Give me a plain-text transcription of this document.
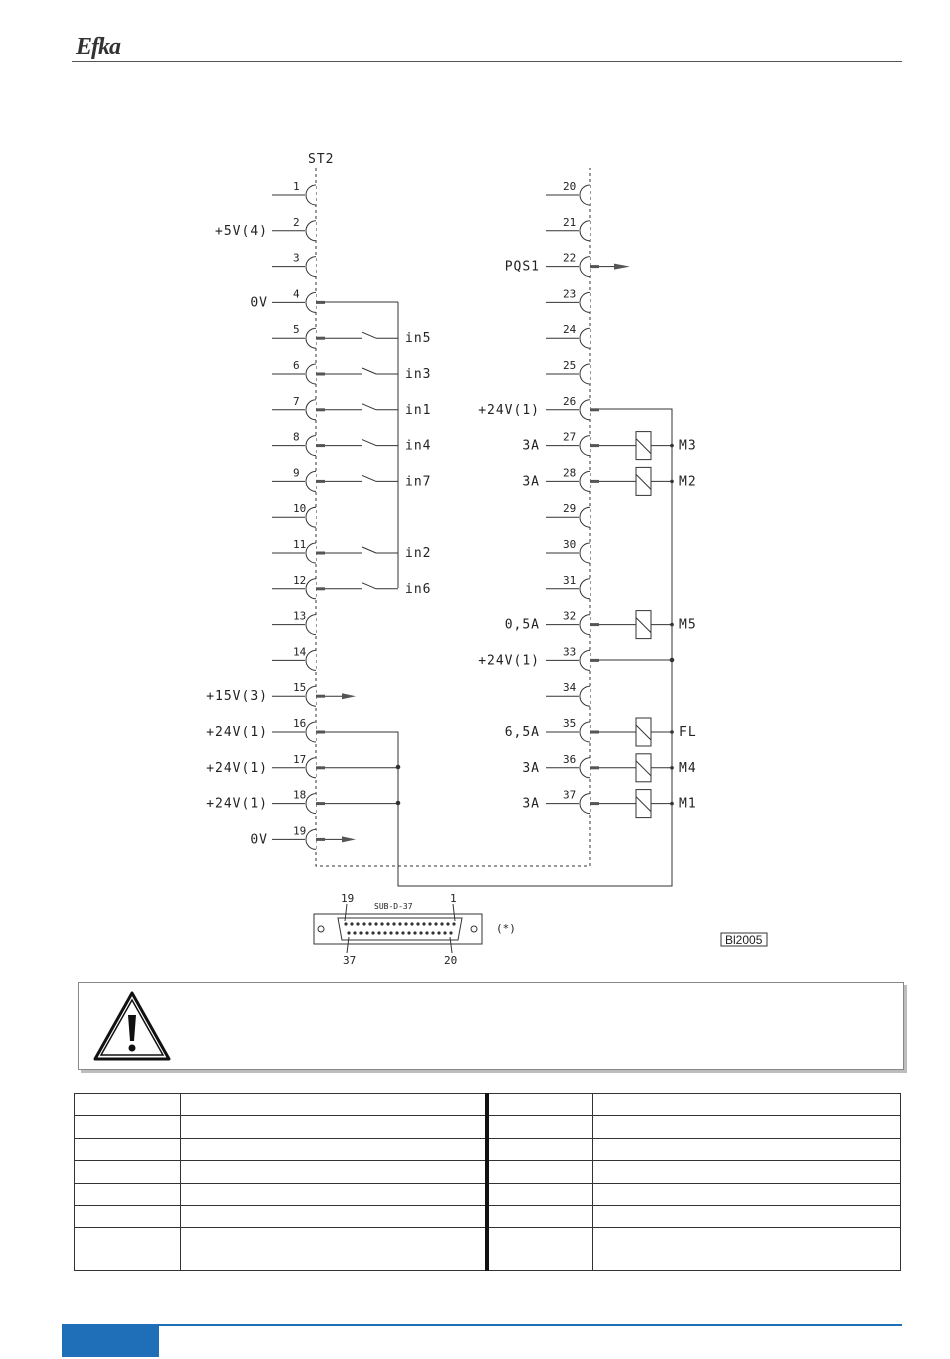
Efka
1
2
+5V(4)
3
4
0V
5
in5
6
in3
7
in1
8
in4
9
in7
10
11
in2
12
in6
13
14
15
+15V(3)
16
+24V(1)
17
+24V(1)
18
+24V(1)
19
0V
20
21
22
PQS1
23
24
25
26
+24V(1)
27
3A	M3
28
3A	M2
29
30
31
32
0,5A	M5
33
+24V(1)
34
35
6,5A	FL
36
3A	M4
37
3A	M1
ST2
SUB-D-37
19	1
37	20
(*)
Bl2005
